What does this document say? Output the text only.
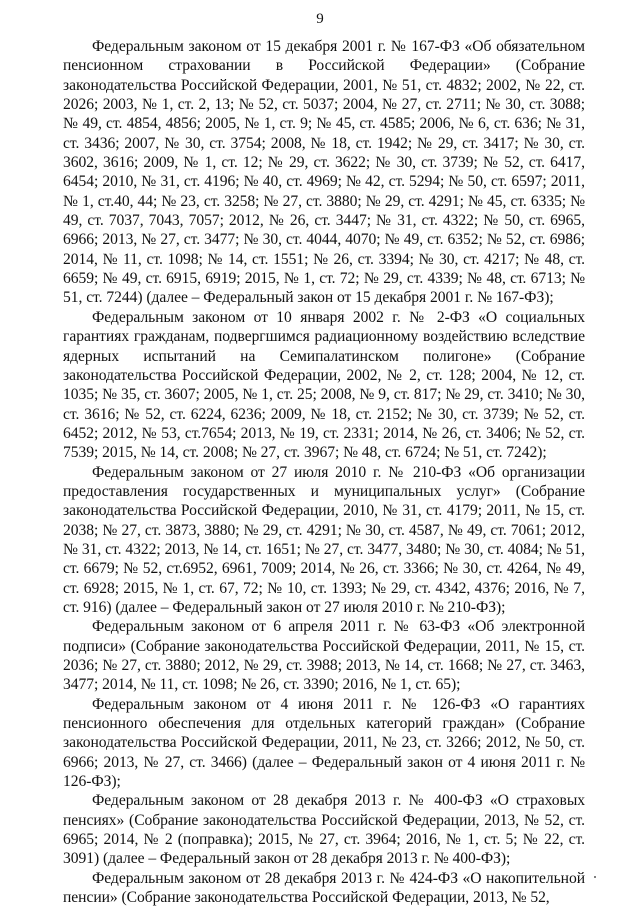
9

Федеральным законом от 15 декабря 2001 г. № 167-ФЗ «Об обязательном пенсионном страховании в Российской Федерации» (Собрание законодательства Российской Федерации, 2001, № 51, ст. 4832; 2002, № 22, ст. 2026; 2003, № 1, ст. 2, 13; № 52, ст. 5037; 2004, № 27, ст. 2711; № 30, ст. 3088; № 49, ст. 4854, 4856; 2005, № 1, ст. 9; № 45, ст. 4585; 2006, № 6, ст. 636; № 31, ст. 3436; 2007, № 30, ст. 3754; 2008, № 18, ст. 1942; № 29, ст. 3417; № 30, ст. 3602, 3616; 2009, № 1, ст. 12; № 29, ст. 3622; № 30, ст. 3739; № 52, ст. 6417, 6454; 2010, № 31, ст. 4196; № 40, ст. 4969; № 42, ст. 5294; № 50, ст. 6597; 2011, № 1, ст.40, 44; № 23, ст. 3258; № 27, ст. 3880; № 29, ст. 4291; № 45, ст. 6335; № 49, ст. 7037, 7043, 7057; 2012, № 26, ст. 3447; № 31, ст. 4322; № 50, ст. 6965, 6966; 2013, № 27, ст. 3477; № 30, ст. 4044, 4070; № 49, ст. 6352; № 52, ст. 6986; 2014, № 11, ст. 1098; № 14, ст. 1551; № 26, ст. 3394; № 30, ст. 4217; № 48, ст. 6659; № 49, ст. 6915, 6919; 2015, № 1, ст. 72; № 29, ст. 4339; № 48, ст. 6713; № 51, ст. 7244) (далее – Федеральный закон от 15 декабря 2001 г. № 167-ФЗ);

Федеральным законом от 10 января 2002 г. № 2-ФЗ «О социальных гарантиях гражданам, подвергшимся радиационному воздействию вследствие ядерных испытаний на Семипалатинском полигоне» (Собрание законодательства Российской Федерации, 2002, № 2, ст. 128; 2004, № 12, ст. 1035; № 35, ст. 3607; 2005, № 1, ст. 25; 2008, № 9, ст. 817; № 29, ст. 3410; № 30, ст. 3616; № 52, ст. 6224, 6236; 2009, № 18, ст. 2152; № 30, ст. 3739; № 52, ст. 6452; 2012, № 53, ст.7654; 2013, № 19, ст. 2331; 2014, № 26, ст. 3406; № 52, ст. 7539; 2015, № 14, ст. 2008; № 27, ст. 3967; № 48, ст. 6724; № 51, ст. 7242);

Федеральным законом от 27 июля 2010 г. № 210-ФЗ «Об организации предоставления государственных и муниципальных услуг» (Собрание законодательства Российской Федерации, 2010, № 31, ст. 4179; 2011, № 15, ст. 2038; № 27, ст. 3873, 3880; № 29, ст. 4291; № 30, ст. 4587, № 49, ст. 7061; 2012, № 31, ст. 4322; 2013, № 14, ст. 1651; № 27, ст. 3477, 3480; № 30, ст. 4084; № 51, ст. 6679; № 52, ст.6952, 6961, 7009; 2014, № 26, ст. 3366; № 30, ст. 4264, № 49, ст. 6928; 2015, № 1, ст. 67, 72; № 10, ст. 1393; № 29, ст. 4342, 4376; 2016, № 7, ст. 916) (далее – Федеральный закон от 27 июля 2010 г. № 210-ФЗ);

Федеральным законом от 6 апреля 2011 г. № 63-ФЗ «Об электронной подписи» (Собрание законодательства Российской Федерации, 2011, № 15, ст. 2036; № 27, ст. 3880; 2012, № 29, ст. 3988; 2013, № 14, ст. 1668; № 27, ст. 3463, 3477; 2014, № 11, ст. 1098; № 26, ст. 3390; 2016, № 1, ст. 65);

Федеральным законом от 4 июня 2011 г. № 126-ФЗ «О гарантиях пенсионного обеспечения для отдельных категорий граждан» (Собрание законодательства Российской Федерации, 2011, № 23, ст. 3266; 2012, № 50, ст. 6966; 2013, № 27, ст. 3466) (далее – Федеральный закон от 4 июня 2011 г. № 126-ФЗ);

Федеральным законом от 28 декабря 2013 г. № 400-ФЗ «О страховых пенсиях» (Собрание законодательства Российской Федерации, 2013, № 52, ст. 6965; 2014, № 2 (поправка); 2015, № 27, ст. 3964; 2016, № 1, ст. 5; № 22, ст. 3091) (далее – Федеральный закон от 28 декабря 2013 г. № 400-ФЗ);

Федеральным законом от 28 декабря 2013 г. № 424-ФЗ «О накопительной пенсии» (Собрание законодательства Российской Федерации, 2013, № 52,
